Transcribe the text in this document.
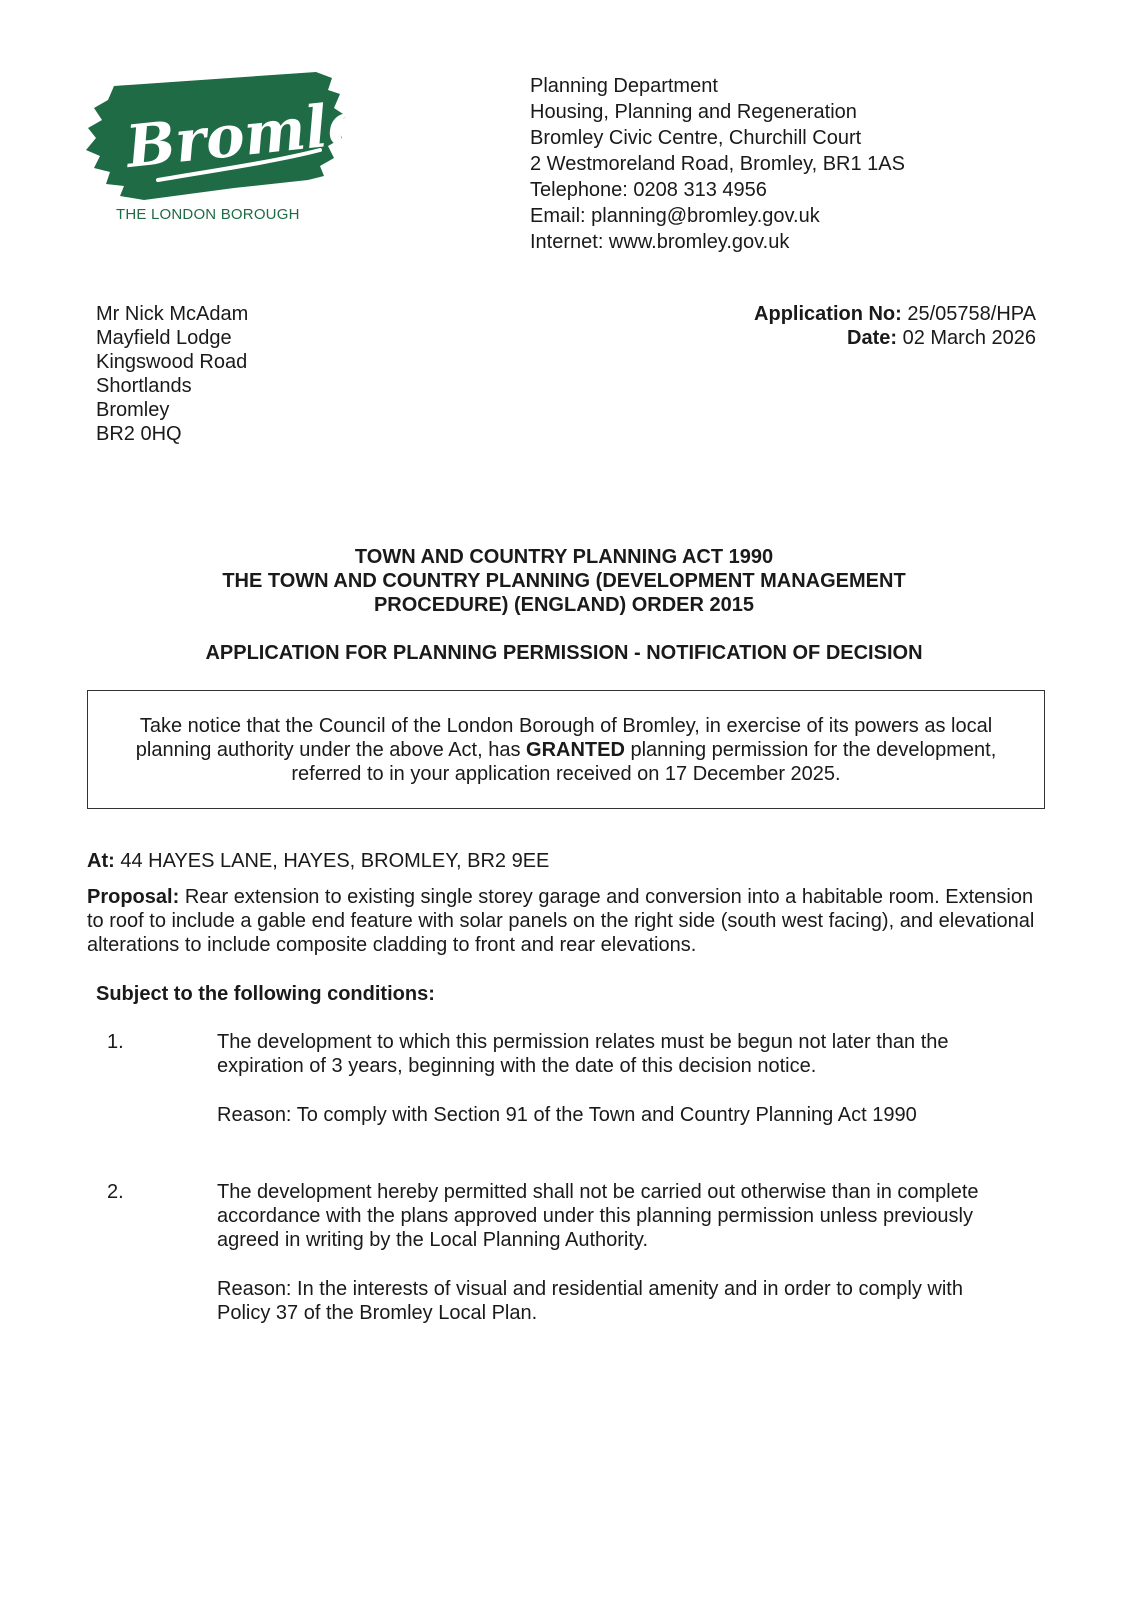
Bromley
THE LONDON BOROUGH
Planning Department
Housing, Planning and Regeneration
Bromley Civic Centre, Churchill Court
2 Westmoreland Road, Bromley, BR1 1AS
Telephone: 0208 313 4956
Email: planning@bromley.gov.uk
Internet: www.bromley.gov.uk
Mr Nick McAdam
Mayfield Lodge
Kingswood Road
Shortlands
Bromley
BR2 0HQ
Application No: 25/05758/HPA
Date: 02 March 2026
TOWN AND COUNTRY PLANNING ACT 1990
THE TOWN AND COUNTRY PLANNING (DEVELOPMENT MANAGEMENT
PROCEDURE) (ENGLAND) ORDER 2015
APPLICATION FOR PLANNING PERMISSION - NOTIFICATION OF DECISION

Take notice that the Council of the London Borough of Bromley, in exercise of its powers as local

planning authority under the above Act, has GRANTED planning permission for the development,

referred to in your application received on 17 December 2025.

At: 44 HAYES LANE, HAYES, BROMLEY, BR2 9EE
Proposal: Rear extension to existing single storey garage and conversion into a habitable room. Extension
to roof to include a gable end feature with solar panels on the right side (south west facing), and elevational
alterations to include composite cladding to front and rear elevations.
Subject to the following conditions:
1.	The development to which this permission relates must be begun not later than the
expiration of 3 years, beginning with the date of this decision notice.
Reason: To comply with Section 91 of the Town and Country Planning Act 1990
2.	The development hereby permitted shall not be carried out otherwise than in complete
accordance with the plans approved under this planning permission unless previously
agreed in writing by the Local Planning Authority.
Reason: In the interests of visual and residential amenity and in order to comply with
Policy 37 of the Bromley Local Plan.
